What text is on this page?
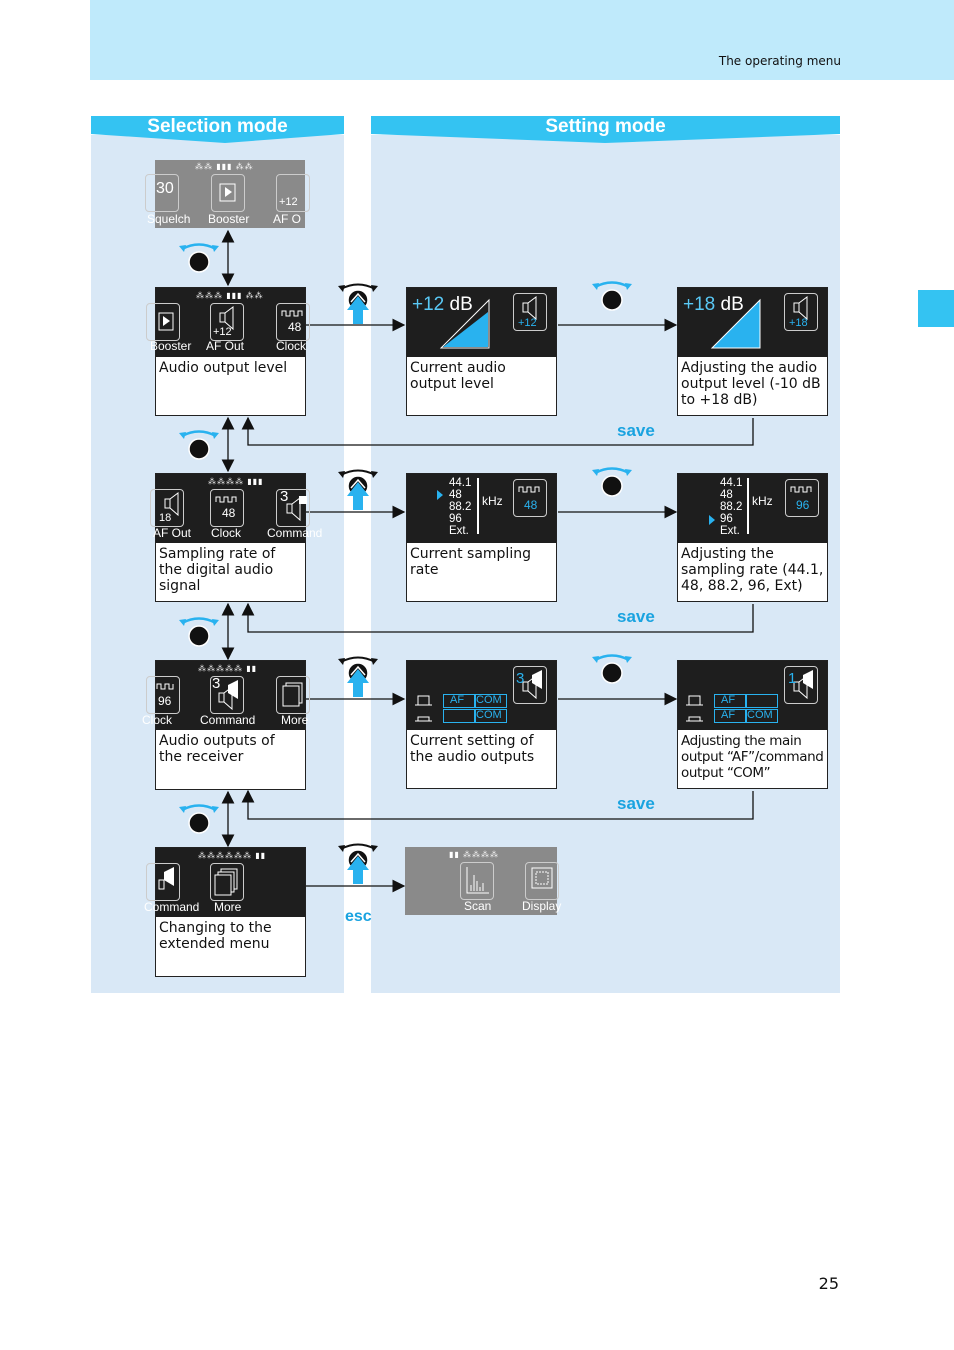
The operating menu
Selection mode	Setting mode
save
save
save
esc
⁂⁂ ▮▮▮ ⁂⁂
30
Squelch Booster
+12
AF O
⁂⁂⁂ ▮▮▮ ⁂⁂
Booster
+12
AF Out
48
Clock
Audio output level
⁂⁂⁂⁂ ▮▮▮
18
AF Out
48
Clock
3
Command
Sampling rate of the digital audio signal
⁂⁂⁂⁂⁂ ▮▮
96
Clock
3
Command More
Audio outputs of the receiver
⁂⁂⁂⁂⁂⁂ ▮▮
Command More
Changing to the extended menu
+12 dB
+12
Current audio output level
+18 dB
+18
Adjusting the audio output level (-10 dB to +18 dB)
44.1
48
88.2
96
Ext.
kHz 48
Current sampling rate
44.1
48
88.2
96
Ext.
kHz 96
Adjusting the sampling rate (44.1, 48, 88.2, 96, Ext)
AF COM
COM
3
Current setting of the audio outputs
AF
AF COM
1
Adjusting the main output “AF”/command output “COM”
▮▮ ⁂⁂⁂⁂
Scan	Display
25
